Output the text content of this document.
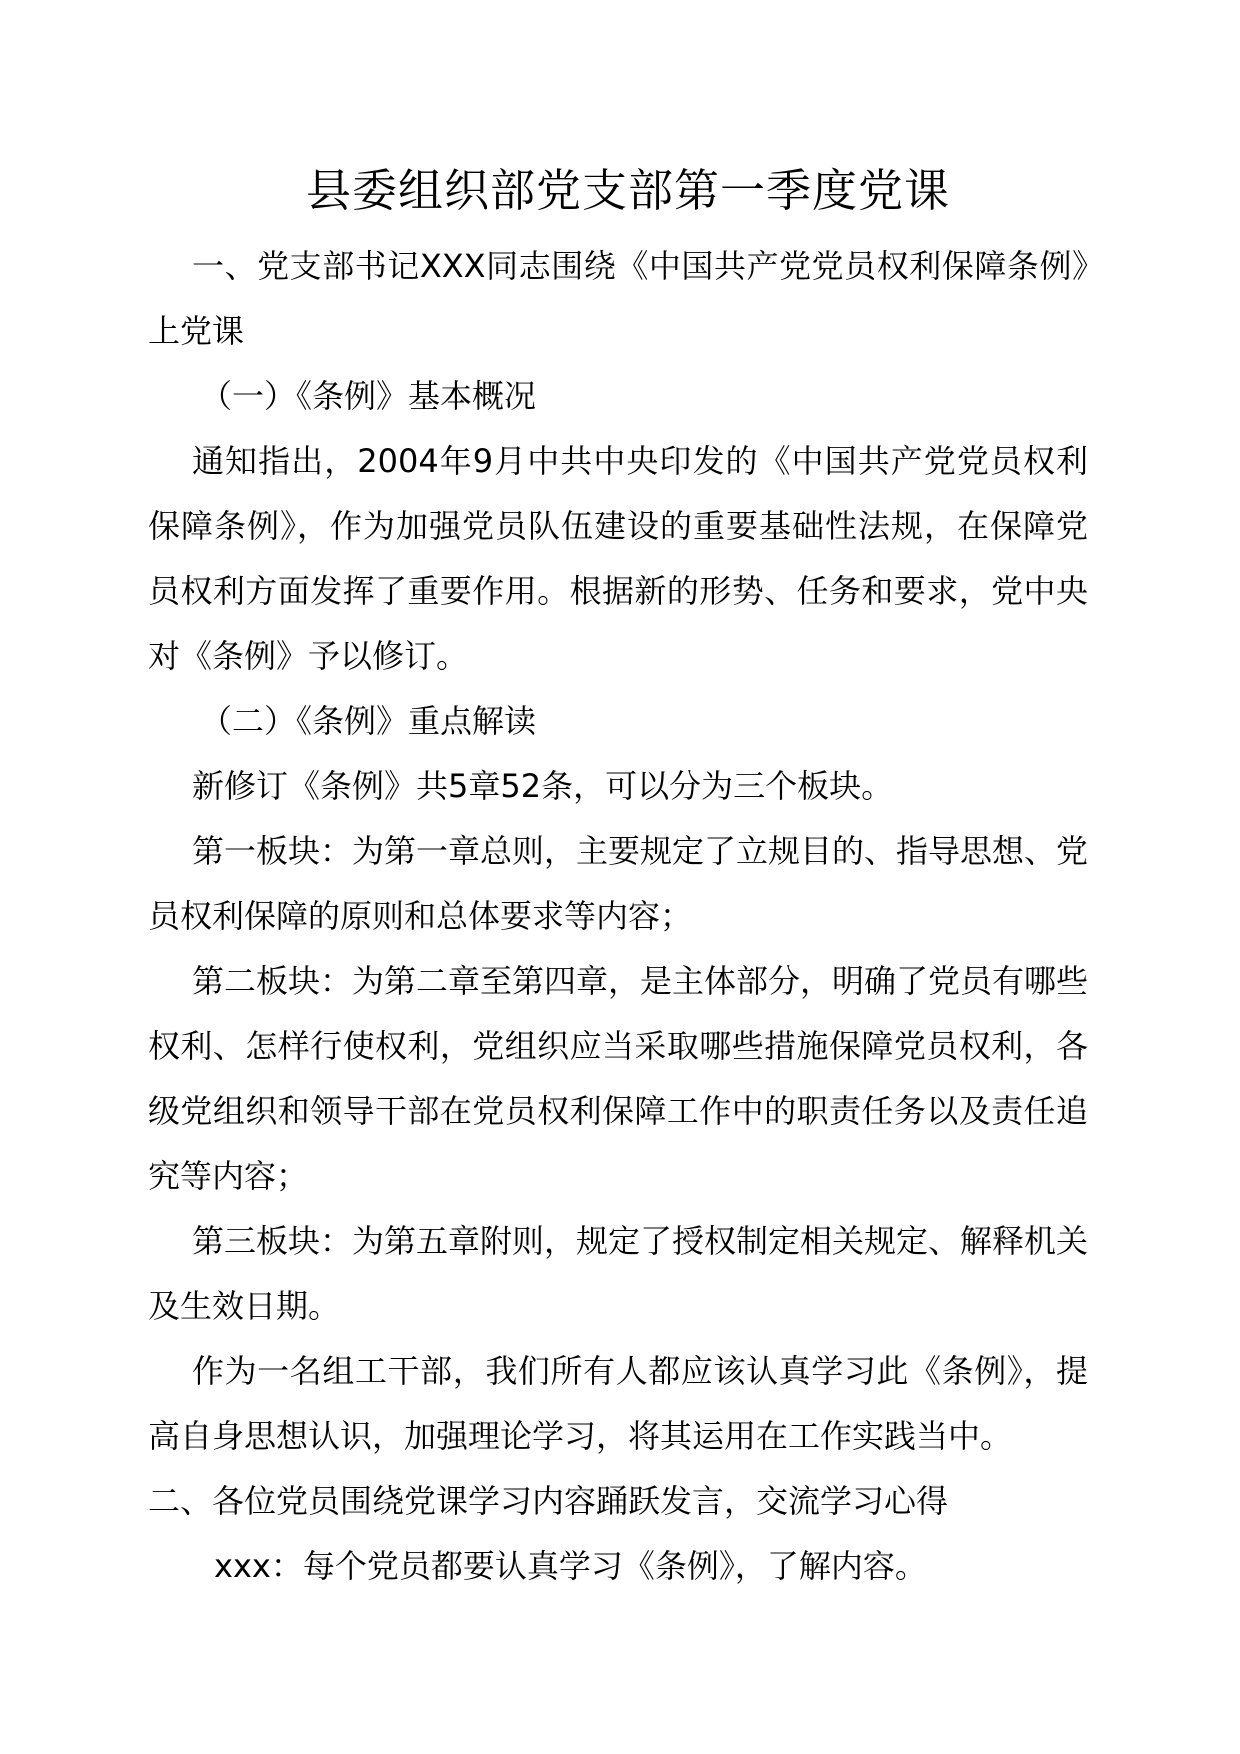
县委组织部党支部第一季度党课

一、党支部书记XXX同志围绕《中国共产党党员权利保障条例》上党课

（一）《条例》基本概况

通知指出，2004年9月中共中央印发的《中国共产党党员权利保障条例》，作为加强党员队伍建设的重要基础性法规，在保障党员权利方面发挥了重要作用。根据新的形势、任务和要求，党中央对《条例》予以修订。

（二）《条例》重点解读

新修订《条例》共5章52条，可以分为三个板块。

第一板块：为第一章总则，主要规定了立规目的、指导思想、党员权利保障的原则和总体要求等内容；

第二板块：为第二章至第四章，是主体部分，明确了党员有哪些权利、怎样行使权利，党组织应当采取哪些措施保障党员权利，各级党组织和领导干部在党员权利保障工作中的职责任务以及责任追究等内容；

第三板块：为第五章附则，规定了授权制定相关规定、解释机关及生效日期。

作为一名组工干部，我们所有人都应该认真学习此《条例》，提高自身思想认识，加强理论学习，将其运用在工作实践当中。

二、各位党员围绕党课学习内容踊跃发言，交流学习心得

xxx：每个党员都要认真学习《条例》，了解内容。
